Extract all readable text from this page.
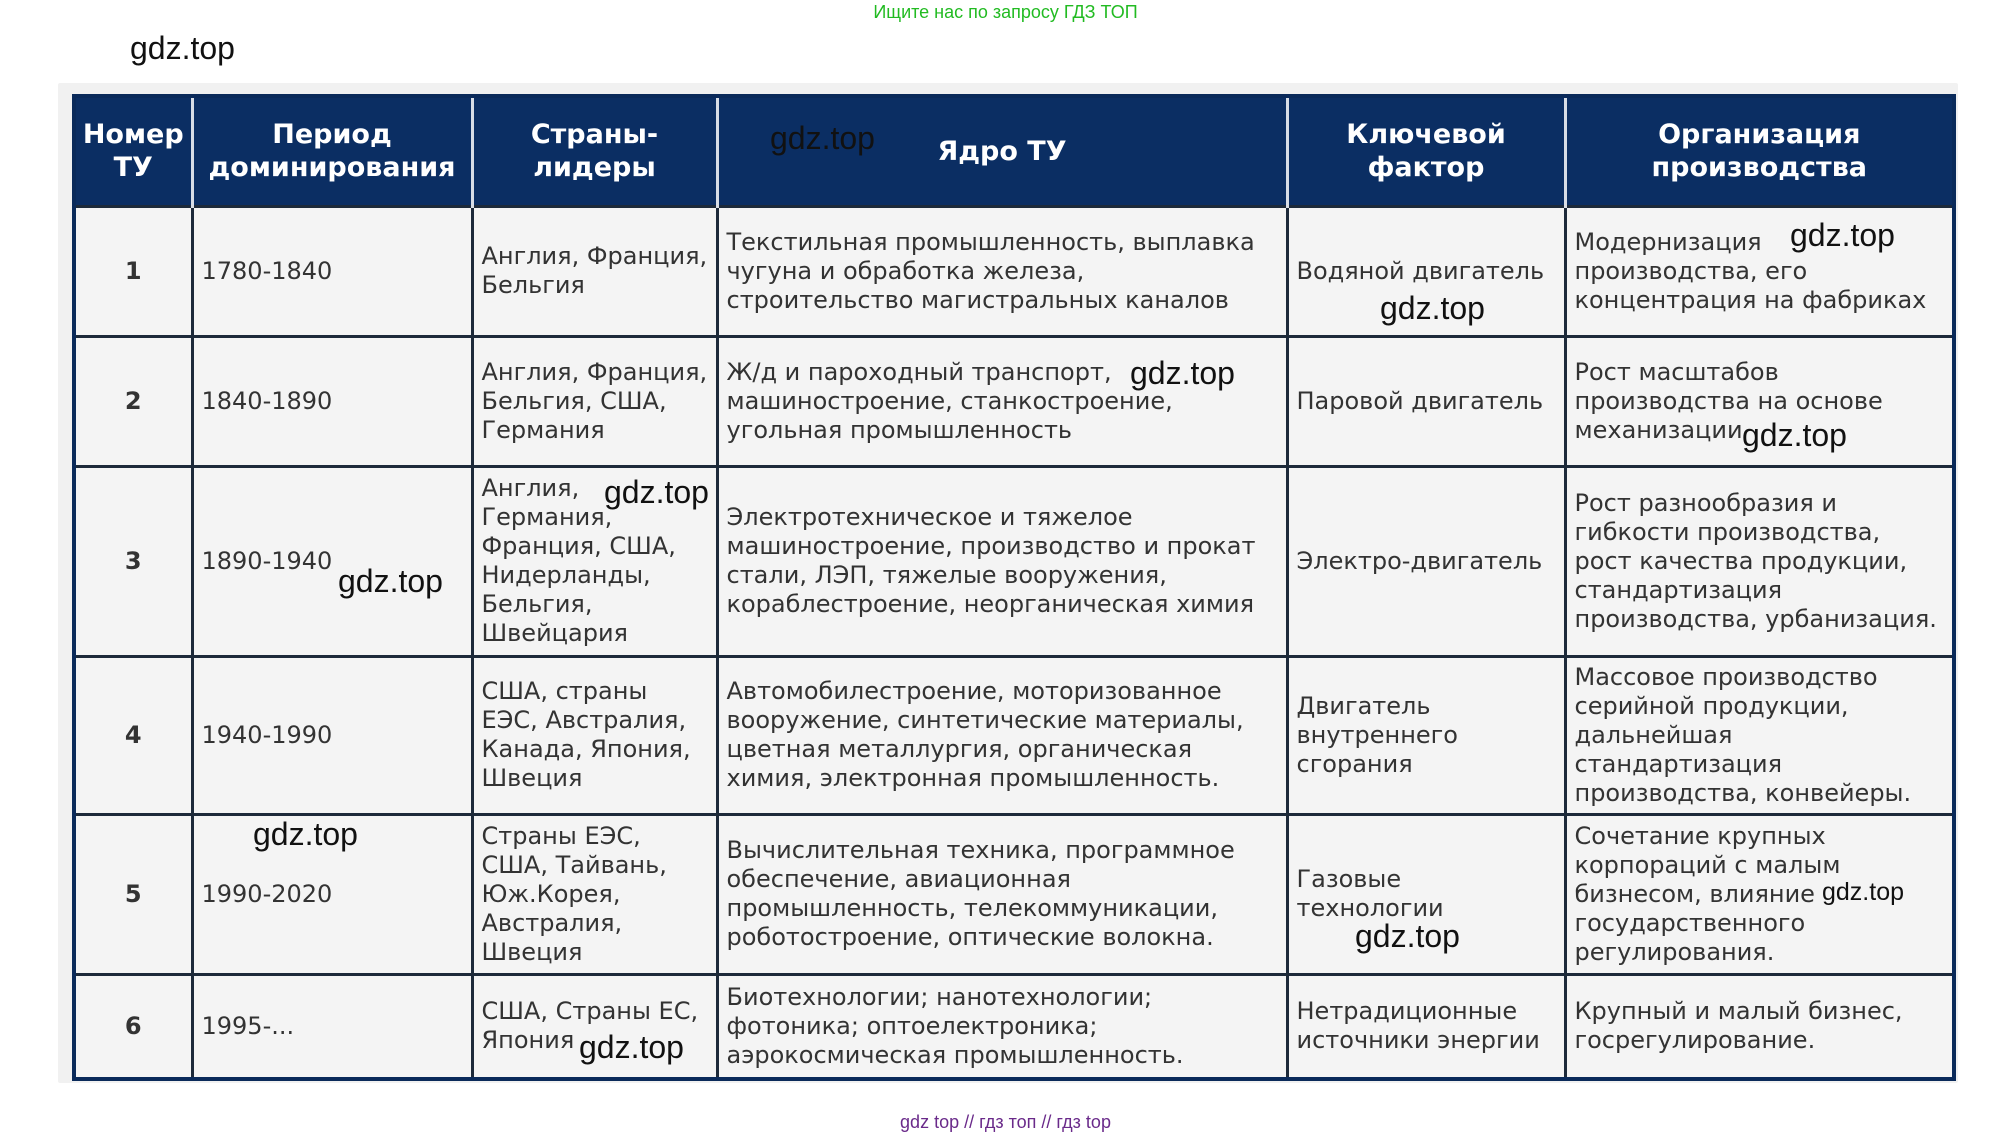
Ищите нас по запросу ГДЗ ТОП
Номер ТУ	Период доминирования	Страны-лидеры	Ядро ТУ	Ключевой фактор	Организация производства
1	1780-1840	Англия, Франция, Бельгия	Текстильная промышленность, выплавка чугуна и обработка железа, строительство магистральных каналов	Водяной двигатель	Модернизация производства, его концентрация на фабриках
2	1840-1890	Англия, Франция, Бельгия, США, Германия	Ж/д и пароходный транспорт, машиностроение, станкостроение, угольная промышленность	Паровой двигатель	Рост масштабов производства на основе механизации
3	1890-1940	Англия, Германия, Франция, США, Нидерланды, Бельгия, Швейцария	Электротехническое и тяжелое машиностроение, производство и прокат стали, ЛЭП, тяжелые вооружения, кораблестроение, неорганическая химия	Электро-двигатель	Рост разнообразия и гибкости производства, рост качества продукции, стандартизация производства, урбанизация.
4	1940-1990	США, страны ЕЭС, Австралия, Канада, Япония, Швеция	Автомобилестроение, моторизованное вооружение, синтетические материалы, цветная металлургия, органическая химия, электронная промышленность.	Двигатель внутреннего сгорания	Массовое производство серийной продукции, дальнейшая стандартизация производства, конвейеры.
5	1990-2020	Страны ЕЭС, США, Тайвань, Юж.Корея, Австралия, Швеция	Вычислительная техника, программное обеспечение, авиационная промышленность, телекоммуникации, роботостроение, оптические волокна.	Газовые технологии	Сочетание крупных корпораций с малым бизнесом, влияние государственного регулирования.
6	1995-...	США, Страны ЕС, Япония	Биотехнологии; нанотехнологии; фотоника; оптоелектроника; аэрокосмическая промышленность.	Нетрадиционные источники энергии	Крупный и малый бизнес, госрегулирование.
gdz.top
gdz.top
gdz.top
gdz.top
gdz.top
gdz.top
gdz.top
gdz.top
gdz.top
gdz.top
gdz.top
gdz.top
gdz top // гдз топ // гдз top
